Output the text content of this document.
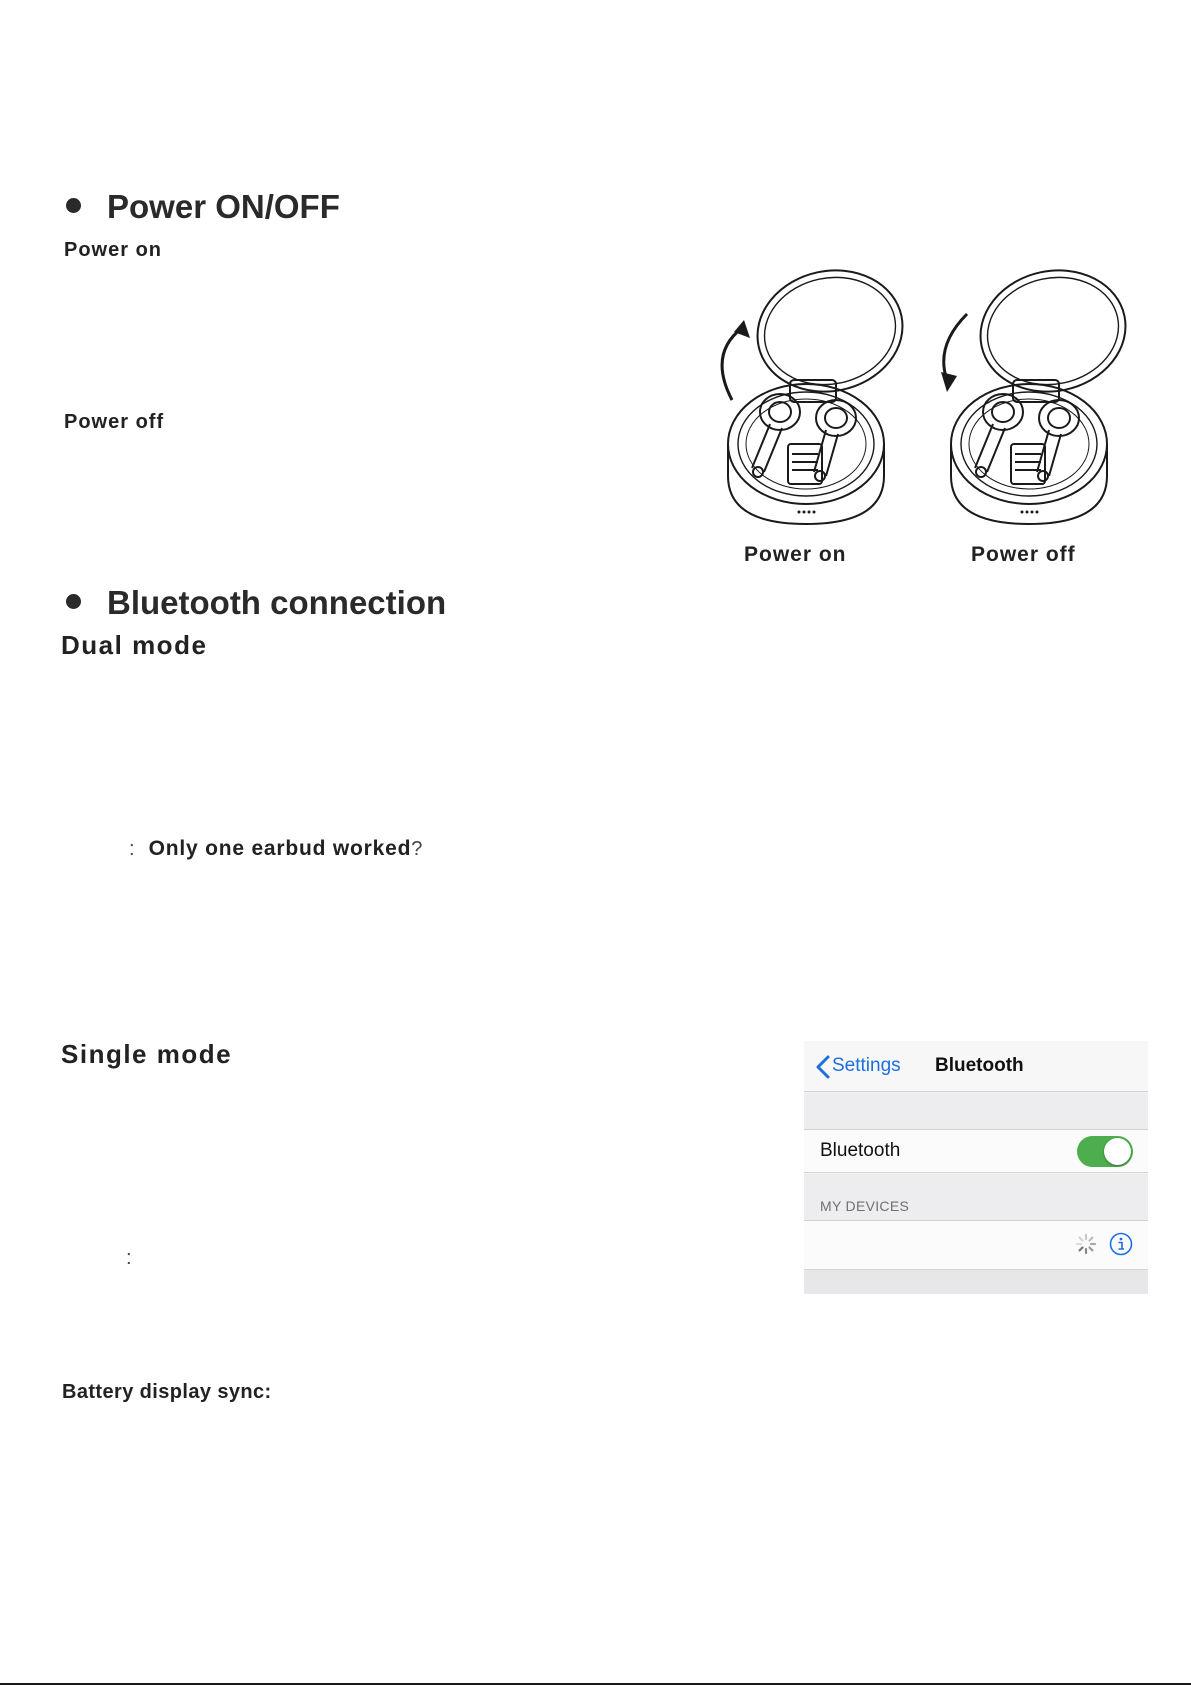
Power ON/OFF
Power on
Power off
Power on	Power off
Bluetooth connection
Dual mode
: Only one earbud worked?
Single mode
:
Battery display sync:
Settings Bluetooth
Bluetooth
MY DEVICES
